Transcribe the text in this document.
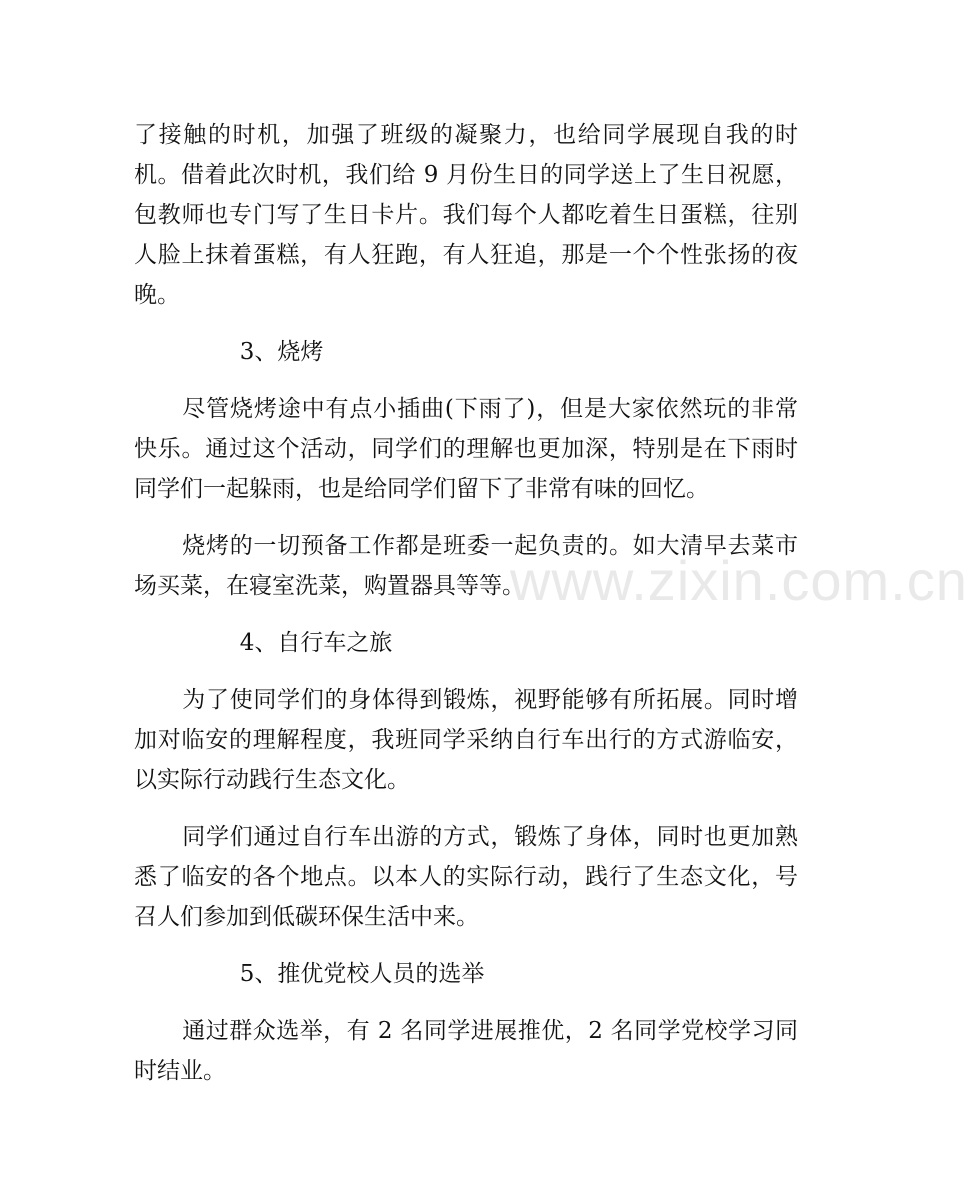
了接触的时机，加强了班级的凝聚力，也给同学展现自我的时机。借着此次时机，我们给 9 月份生日的同学送上了生日祝愿，包教师也专门写了生日卡片。我们每个人都吃着生日蛋糕，往别人脸上抹着蛋糕，有人狂跑，有人狂追，那是一个个性张扬的夜晚。

3、烧烤

尽管烧烤途中有点小插曲(下雨了)，但是大家依然玩的非常快乐。通过这个活动，同学们的理解也更加深，特别是在下雨时同学们一起躲雨，也是给同学们留下了非常有味的回忆。

烧烤的一切预备工作都是班委一起负责的。如大清早去菜市场买菜，在寝室洗菜，购置器具等等。

4、自行车之旅

为了使同学们的身体得到锻炼，视野能够有所拓展。同时增加对临安的理解程度，我班同学采纳自行车出行的方式游临安，以实际行动践行生态文化。

同学们通过自行车出游的方式，锻炼了身体，同时也更加熟悉了临安的各个地点。以本人的实际行动，践行了生态文化，号召人们参加到低碳环保生活中来。

5、推优党校人员的选举

通过群众选举，有 2 名同学进展推优，2 名同学党校学习同时结业。

www.zixin.com.cn
